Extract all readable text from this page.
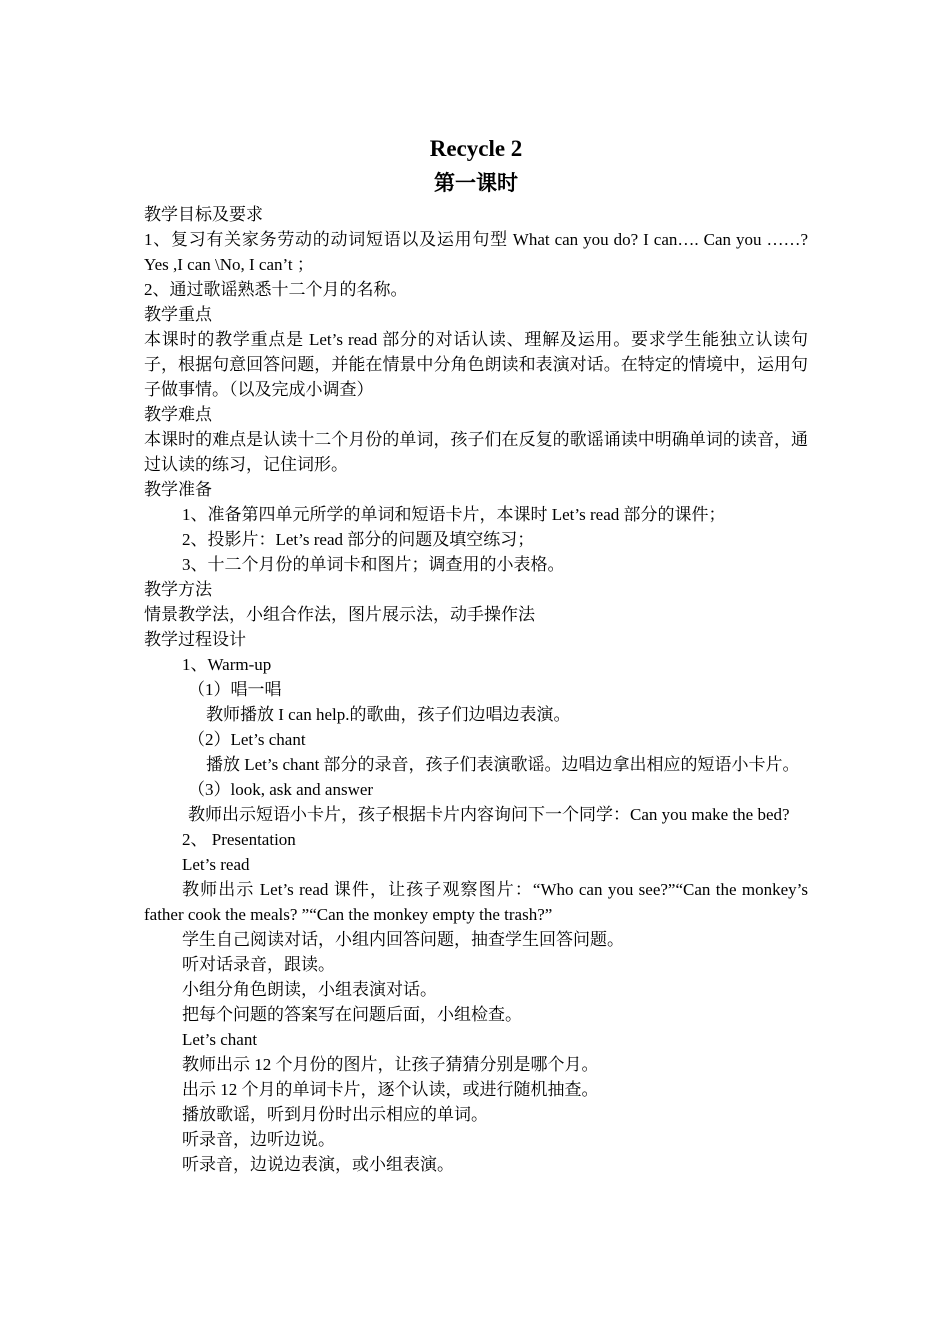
Recycle 2
第一课时
教学目标及要求
1、复习有关家务劳动的动词短语以及运用句型 What can you do? I can…. Can you ……? Yes ,I can \No, I can’t ；
2、通过歌谣熟悉十二个月的名称。
教学重点
本课时的教学重点是 Let’s read 部分的对话认读、理解及运用。要求学生能独立认读句子，根据句意回答问题，并能在情景中分角色朗读和表演对话。在特定的情境中，运用句子做事情。（以及完成小调查）
教学难点
本课时的难点是认读十二个月份的单词，孩子们在反复的歌谣诵读中明确单词的读音，通过认读的练习，记住词形。
教学准备
1、准备第四单元所学的单词和短语卡片，本课时 Let’s read 部分的课件；
2、投影片：Let’s read 部分的问题及填空练习；
3、十二个月份的单词卡和图片；调查用的小表格。
教学方法
情景教学法，小组合作法，图片展示法，动手操作法
教学过程设计
1、Warm-up
（1）唱一唱
教师播放 I can help.的歌曲，孩子们边唱边表演。
（2）Let’s chant
播放 Let’s chant 部分的录音，孩子们表演歌谣。边唱边拿出相应的短语小卡片。
（3）look, ask and answer
教师出示短语小卡片，孩子根据卡片内容询问下一个同学：Can you make the bed?
2、 Presentation
Let’s read
教师出示 Let’s read 课件，让孩子观察图片：“Who can you see?”“Can the monkey’s father cook the meals? ”“Can the monkey empty the trash?”
学生自己阅读对话，小组内回答问题，抽查学生回答问题。
听对话录音，跟读。
小组分角色朗读，小组表演对话。
把每个问题的答案写在问题后面，小组检查。
Let’s chant
教师出示 12 个月份的图片，让孩子猜猜分别是哪个月。
出示 12 个月的单词卡片，逐个认读，或进行随机抽查。
播放歌谣，听到月份时出示相应的单词。
听录音，边听边说。
听录音，边说边表演，或小组表演。
